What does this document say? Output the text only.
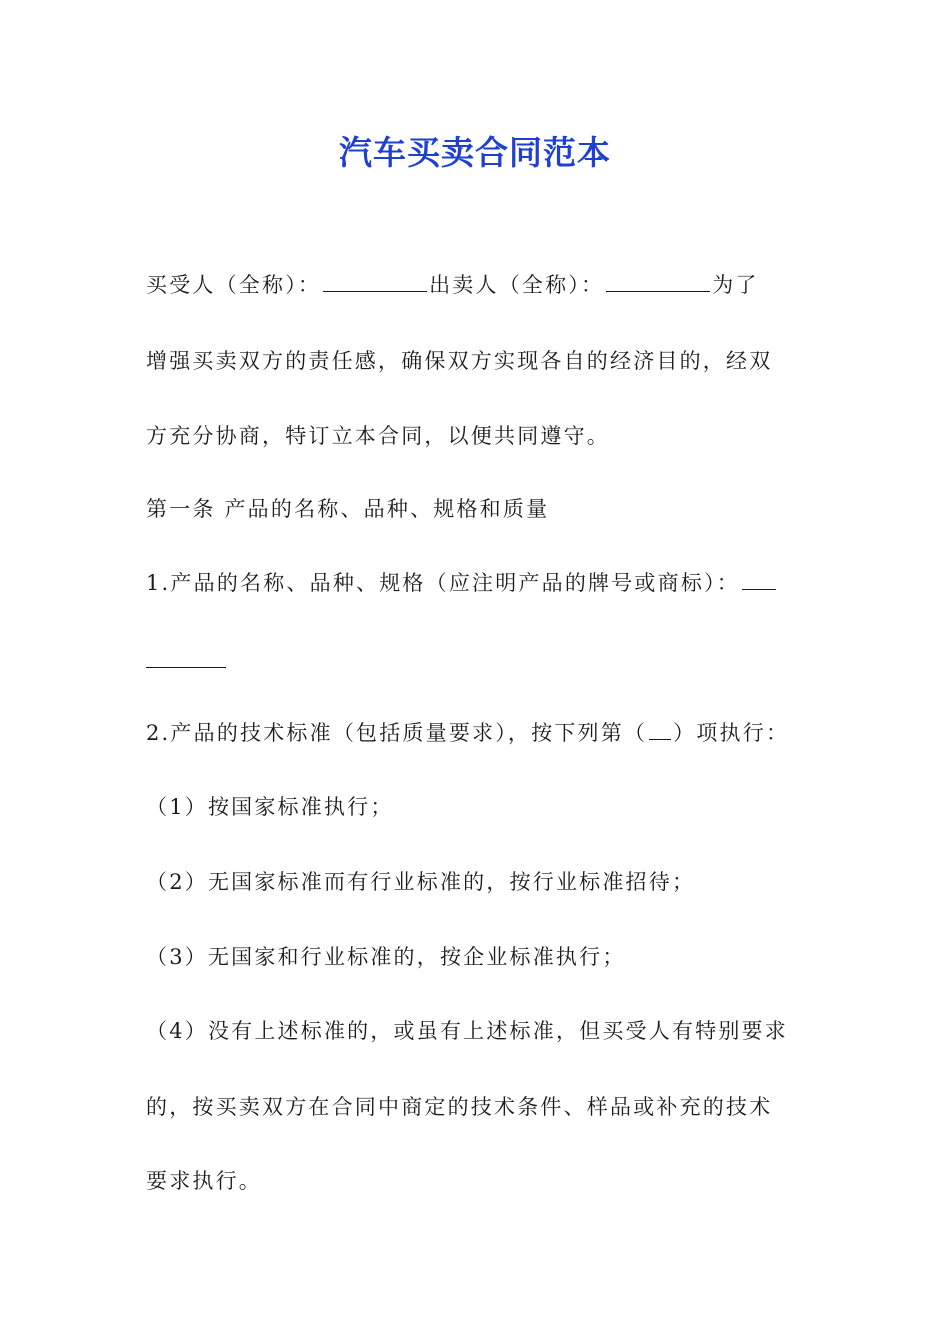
汽车买卖合同范本
买受人（全称）：	出卖人（全称）：	为了
增强买卖双方的责任感，确保双方实现各自的经济目的，经双
方充分协商，特订立本合同，以便共同遵守。
第一条 产品的名称、品种、规格和质量
1.产品的名称、品种、规格（应注明产品的牌号或商标）：
2.产品的技术标准（包括质量要求），按下列第（ ）项执行：
（1）按国家标准执行；
（2）无国家标准而有行业标准的，按行业标准招待；
（3）无国家和行业标准的，按企业标准执行；
（4）没有上述标准的，或虽有上述标准，但买受人有特别要求
的，按买卖双方在合同中商定的技术条件、样品或补充的技术
要求执行。
